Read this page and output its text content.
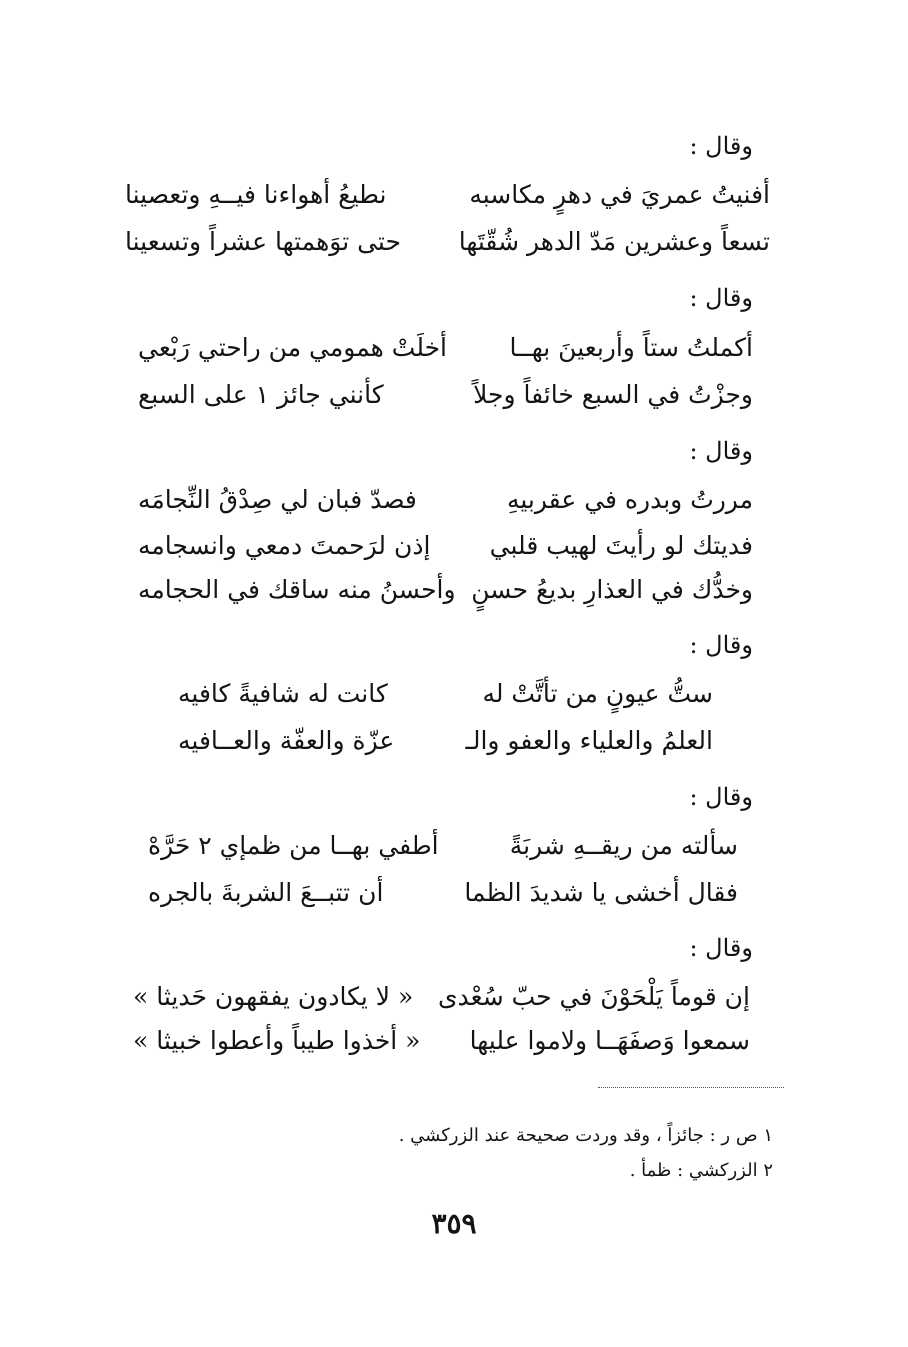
وقال :
أفنيتُ عمريَ في دهرٍ مكاسبه
نطيعُ أهواءنا فيــهِ وتعصينا
تسعاً وعشرين مَدّ الدهر شُقّتَها
حتى توَهمتها عشراً وتسعينا
وقال :
أكملتُ ستاً وأربعينَ بهــا
أخلَتْ همومي من راحتي رَبْعي
وجزْتُ في السبع خائفاً وجلاً
كأنني جائز ١ على السبع
وقال :
مررتُ وبدره في عقربيهِ
فصدّ فبان لي صِدْقُ النِّجامَه
فديتك لو رأيتَ لهيب قلبي
إذن لرَحمتَ دمعي وانسجامه
وخدُّك في العذارِ بديعُ حسنٍ
وأحسنُ منه ساقك في الحجامه
وقال :
ستُّ عيونٍ من تأتَّتْ له
كانت له شافيةً كافيه
العلمُ والعلياء والعفو والـ
عزّة والعفّة والعــافيه
وقال :
سألته من ريقــهِ شربَةً
أطفي بهــا من ظمإي ٢ حَرَّهْ
فقال أخشى يا شديدَ الظما
أن تتبــعَ الشربةَ بالجره
وقال :
إن قوماً يَلْحَوْنَ في حبّ سُعْدى
« لا يكادون يفقهون حَديثا »
سمعوا وَصفَهَــا ولاموا عليها
« أخذوا طيباً وأعطوا خبيثا »
١ ص ر : جائزاً ، وقد وردت صحيحة عند الزركشي .
٢ الزركشي : ظمأ .
٣٥٩
